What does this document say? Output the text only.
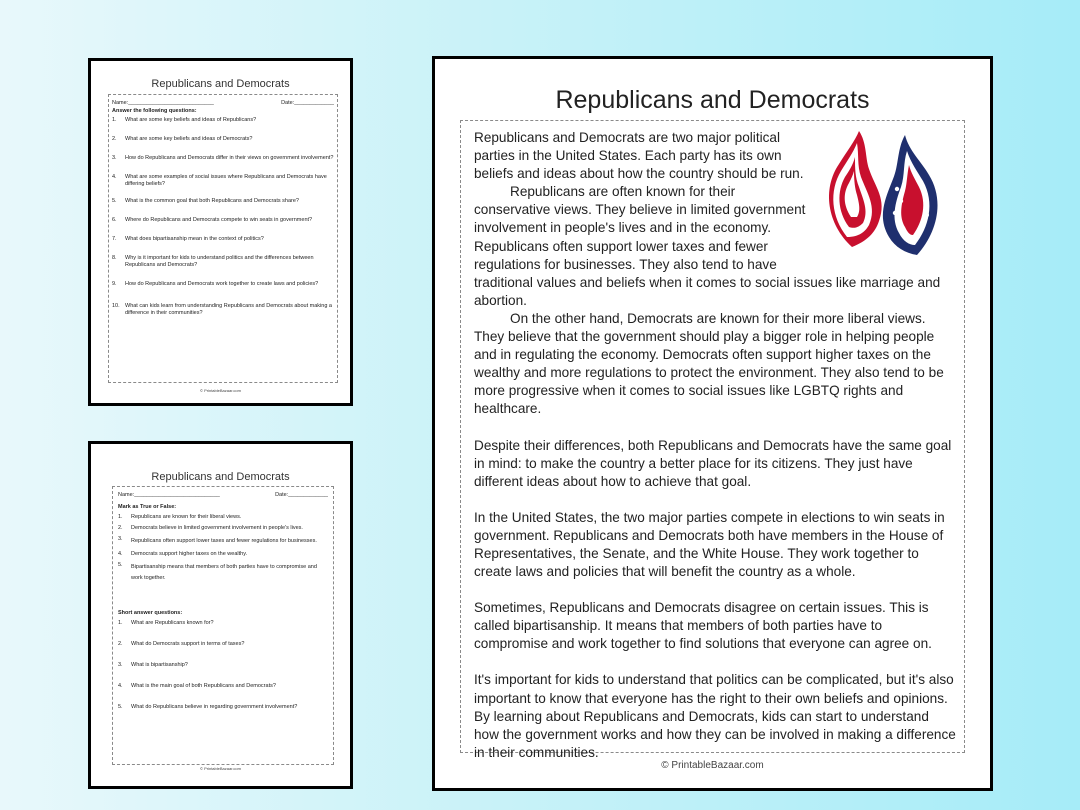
Republicans and Democrats
Name:____________________________	Date:_____________
Answer the following questions:
1.	What are some key beliefs and ideas of Republicans?
2.	What are some key beliefs and ideas of Democrats?
3.	How do Republicans and Democrats differ in their views on government involvement?
4.	What are some examples of social issues where Republicans and Democrats have differing beliefs?
5.	What is the common goal that both Republicans and Democrats share?
6.	Where do Republicans and Democrats compete to win seats in government?
7.	What does bipartisanship mean in the context of politics?
8.	Why is it important for kids to understand politics and the differences between Republicans and Democrats?
9.	How do Republicans and Democrats work together to create laws and policies?
10. What can kids learn from understanding Republicans and Democrats about making a difference in their communities?
© PrintableBazaar.com
Republicans and Democrats
Name:____________________________	Date:_____________
Mark as True or False:
1.	Republicans are known for their liberal views.
2.	Democrats believe in limited government involvement in people's lives.
3.	Republicans often support lower taxes and fewer regulations for businesses.
4.	Democrats support higher taxes on the wealthy.
5.	Bipartisanship means that members of both parties have to compromise and work together.
Short answer questions:
1.	What are Republicans known for?
2.	What do Democrats support in terms of taxes?
3.	What is bipartisanship?
4.	What is the main goal of both Republicans and Democrats?
5.	What do Republicans believe in regarding government involvement?
© PrintableBazaar.com
Republicans and Democrats

Republicans and Democrats are two major political parties in the United States. Each party has its own beliefs and ideas about how the country should be run.

Republicans are often known for their conservative views. They believe in limited government involvement in people's lives and in the economy. Republicans often support lower taxes and fewer regulations for businesses. They also tend to have traditional values and beliefs when it comes to social issues like marriage and abortion.

On the other hand, Democrats are known for their more liberal views. They believe that the government should play a bigger role in helping people and in regulating the economy. Democrats often support higher taxes on the wealthy and more regulations to protect the environment. They also tend to be more progressive when it comes to social issues like LGBTQ rights and healthcare.

Despite their differences, both Republicans and Democrats have the same goal in mind: to make the country a better place for its citizens. They just have different ideas about how to achieve that goal.

In the United States, the two major parties compete in elections to win seats in government. Republicans and Democrats both have members in the House of Representatives, the Senate, and the White House. They work together to create laws and policies that will benefit the country as a whole.

Sometimes, Republicans and Democrats disagree on certain issues. This is called bipartisanship. It means that members of both parties have to compromise and work together to find solutions that everyone can agree on.

It's important for kids to understand that politics can be complicated, but it's also important to know that everyone has the right to their own beliefs and opinions. By learning about Republicans and Democrats, kids can start to understand how the government works and how they can be involved in making a difference in their communities.

© PrintableBazaar.com
